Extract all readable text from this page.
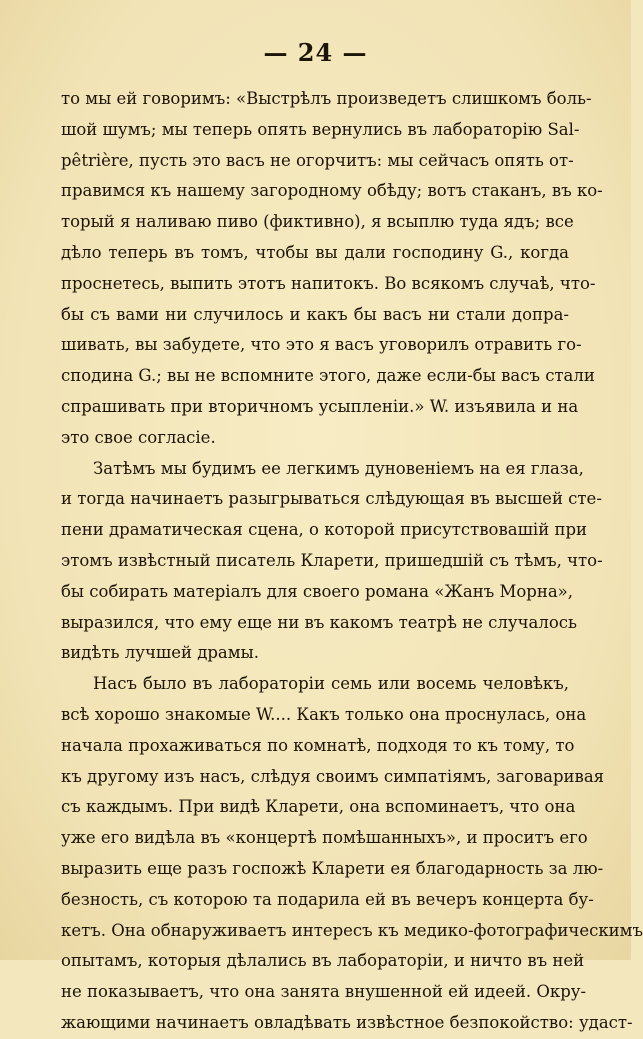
— 24 —
то мы ей говоримъ: «Выстрѣлъ произведетъ слишкомъ боль-
шой шумъ; мы теперь опять вернулись въ лабораторію Sal-
pêtrière, пусть это васъ не огорчитъ: мы сейчасъ опять от-
правимся къ нашему загородному обѣду; вотъ стаканъ, въ ко-
торый я наливаю пиво (фиктивно), я всыплю туда ядъ; все
дѣло теперь въ томъ, чтобы вы дали господину G., когда
проснетесь, выпить этотъ напитокъ. Во всякомъ случаѣ, что-
бы съ вами ни случилось и какъ бы васъ ни стали допра-
шивать, вы забудете, что это я васъ уговорилъ отравить го-
сподина G.; вы не вспомните этого, даже если-бы васъ стали
спрашивать при вторичномъ усыпленіи.» W. изъявила и на
это свое согласіе.
Затѣмъ мы будимъ ее легкимъ дуновеніемъ на ея глаза,
и тогда начинаетъ разыгрываться слѣдующая въ высшей сте-
пени драматическая сцена, о которой присутствовашій при
этомъ извѣстный писатель Кларети, пришедшій съ тѣмъ, что-
бы собирать матеріалъ для своего романа «Жанъ Морна»,
выразился, что ему еще ни въ какомъ театрѣ не случалось
видѣть лучшей драмы.
Насъ было въ лабораторіи семь или восемь человѣкъ,
всѣ хорошо знакомые W.... Какъ только она проснулась, она
начала прохаживаться по комнатѣ, подходя то къ тому, то
къ другому изъ насъ, слѣдуя своимъ симпатіямъ, заговаривая
съ каждымъ. При видѣ Кларети, она вспоминаетъ, что она
уже его видѣла въ «концертѣ помѣшанныхъ», и проситъ его
выразить еще разъ госпожѣ Кларети ея благодарность за лю-
безность, съ которою та подарила ей въ вечеръ концерта бу-
кетъ. Она обнаруживаетъ интересъ къ медико-фотографическимъ
опытамъ, которыя дѣлались въ лабораторіи, и ничто въ ней
не показываетъ, что она занята внушенной ей идеей. Окру-
жающими начинаетъ овладѣвать извѣстное безпокойство: удаст-
